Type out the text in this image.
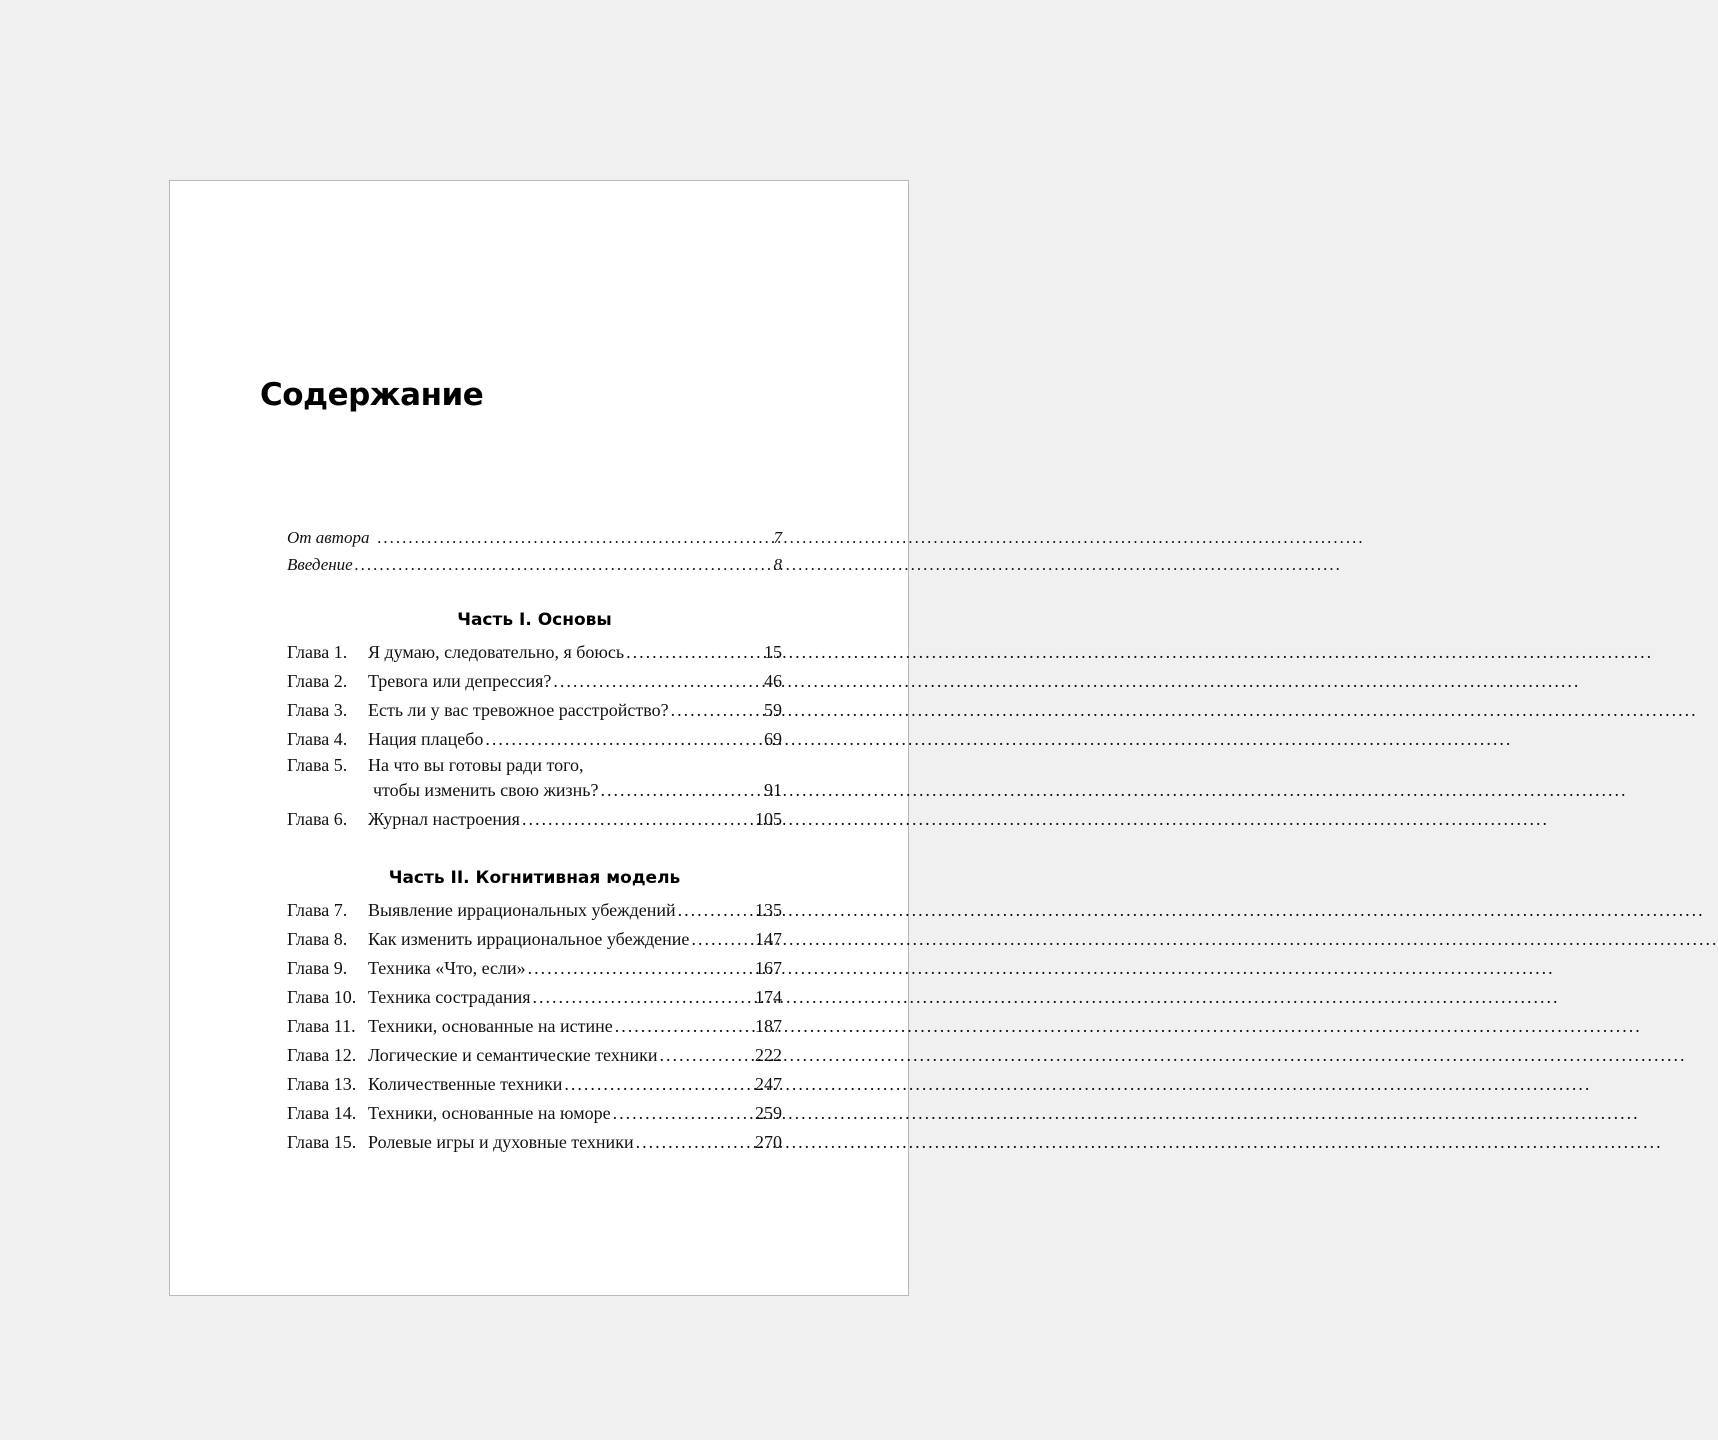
Содержание
От автора .....	7
Введение .....	8
Часть I. Основы
Глава 1.	Я думаю, следовательно, я боюсь .....	15
Глава 2.	Тревога или депрессия? .....	46
Глава 3.	Есть ли у вас тревожное расстройство? .....	59
Глава 4.	Нация плацебо .....	69
Глава 5.	На что вы готовы ради того,
чтобы изменить свою жизнь? .....	91
Глава 6.	Журнал настроения .....	105
Часть II. Когнитивная модель
Глава 7.	Выявление иррациональных убеждений .....	135
Глава 8.	Как изменить иррациональное убеждение .....	147
Глава 9.	Техника «Что, если» .....	167
Глава 10. Техника сострадания .....	174
Глава 11. Техники, основанные на истине .....	187
Глава 12. Логические и семантические техники .....	222
Глава 13. Количественные техники .....	247
Глава 14. Техники, основанные на юморе .....	259
Глава 15. Ролевые игры и духовные техники .....	270
